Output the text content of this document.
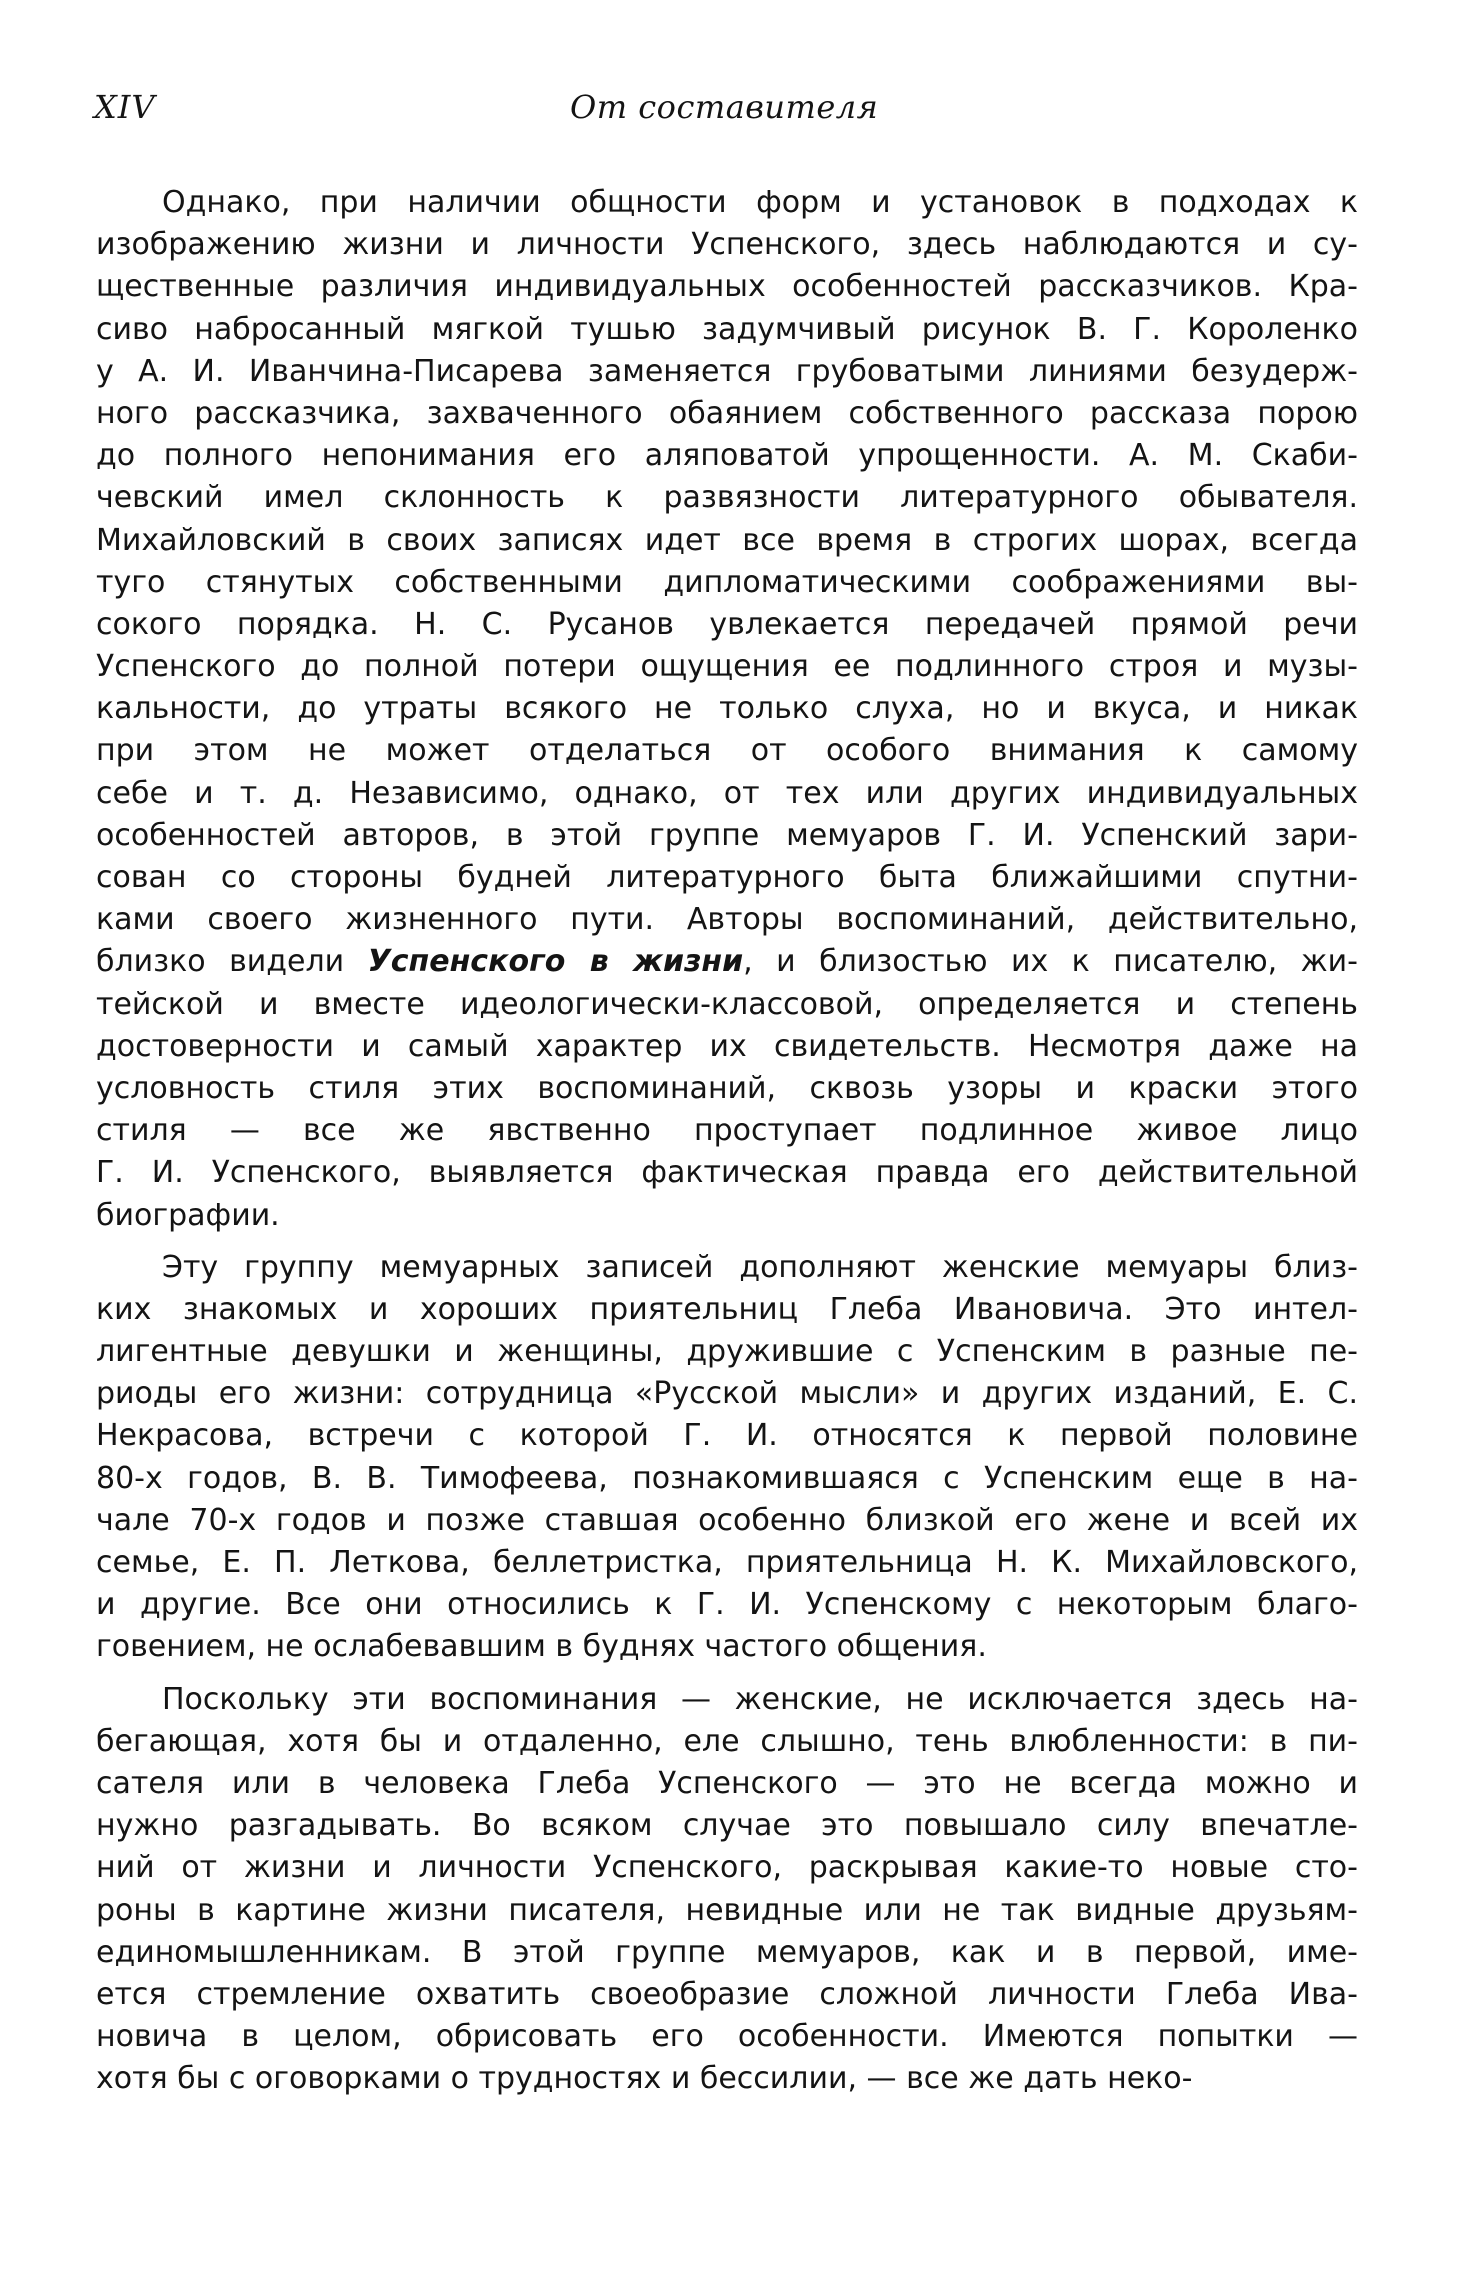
XIV	От составителя
Однако, при наличии общности форм и установок в подходах к
изображению жизни и личности Успенского, здесь наблюдаются и су-
щественные различия индивидуальных особенностей рассказчиков. Кра-
сиво набросанный мягкой тушью задумчивый рисунок В. Г. Короленко
у А. И. Иванчина-Писарева заменяется грубоватыми линиями безудерж-
ного рассказчика, захваченного обаянием собственного рассказа порою
до полного непонимания его аляповатой упрощенности. А. М. Скаби-
чевский имел склонность к развязности литературного обывателя.
Михайловский в своих записях идет все время в строгих шорах, всегда
туго стянутых собственными дипломатическими соображениями вы-
сокого порядка. Н. С. Русанов увлекается передачей прямой речи
Успенского до полной потери ощущения ее подлинного строя и музы-
кальности, до утраты всякого не только слуха, но и вкуса, и никак
при этом не может отделаться от особого внимания к самому
себе и т. д. Независимо, однако, от тех или других индивидуальных
особенностей авторов, в этой группе мемуаров Г. И. Успенский зари-
сован со стороны будней литературного быта ближайшими спутни-
ками своего жизненного пути. Авторы воспоминаний, действительно,
близко видели Успенского в жизни, и близостью их к писателю, жи-
тейской и вместе идеологически-классовой, определяется и степень
достоверности и самый характер их свидетельств. Несмотря даже на
условность стиля этих воспоминаний, сквозь узоры и краски этого
стиля — все же явственно проступает подлинное живое лицо
Г. И. Успенского, выявляется фактическая правда его действительной
биографии.
Эту группу мемуарных записей дополняют женские мемуары близ-
ких знакомых и хороших приятельниц Глеба Ивановича. Это интел-
лигентные девушки и женщины, дружившие с Успенским в разные пе-
риоды его жизни: сотрудница «Русской мысли» и других изданий, Е. С.
Некрасова, встречи с которой Г. И. относятся к первой половине
80-х годов, В. В. Тимофеева, познакомившаяся с Успенским еще в на-
чале 70-х годов и позже ставшая особенно близкой его жене и всей их
семье, Е. П. Леткова, беллетристка, приятельница Н. К. Михайловского,
и другие. Все они относились к Г. И. Успенскому с некоторым благо-
говением, не ослабевавшим в буднях частого общения.
Поскольку эти воспоминания — женские, не исключается здесь на-
бегающая, хотя бы и отдаленно, еле слышно, тень влюбленности: в пи-
сателя или в человека Глеба Успенского — это не всегда можно и
нужно разгадывать. Во всяком случае это повышало силу впечатле-
ний от жизни и личности Успенского, раскрывая какие-то новые сто-
роны в картине жизни писателя, невидные или не так видные друзьям-
единомышленникам. В этой группе мемуаров, как и в первой, име-
ется стремление охватить своеобразие сложной личности Глеба Ива-
новича в целом, обрисовать его особенности. Имеются попытки —
хотя бы с оговорками о трудностях и бессилии, — все же дать неко-
